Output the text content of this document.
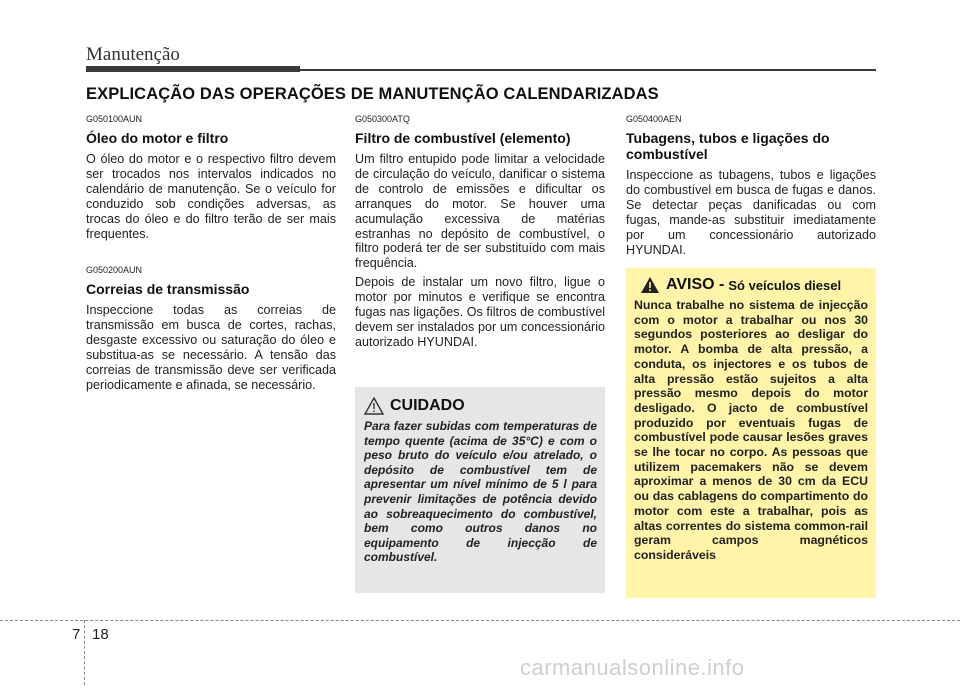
Manutenção
EXPLICAÇÃO DAS OPERAÇÕES DE MANUTENÇÃO CALENDARIZADAS
G050100AUN
Óleo do motor e filtro

O óleo do motor e o respectivo filtro devem ser trocados nos intervalos indicados no calendário de manutenção. Se o veículo for conduzido sob condições adversas, as trocas do óleo e do filtro terão de ser mais frequentes.

G050200AUN
Correias de transmissão

Inspeccione todas as correias de transmissão em busca de cortes, rachas, desgaste excessivo ou saturação do óleo e substitua-as se necessário. A tensão das correias de transmissão deve ser verificada periodicamente e afinada, se necessário.

G050300ATQ
Filtro de combustível (elemento)

Um filtro entupido pode limitar a velocidade de circulação do veículo, danificar o sistema de controlo de emissões e dificultar os arranques do motor. Se houver uma acumulação excessiva de matérias estranhas no depósito de combustível, o filtro poderá ter de ser substituído com mais frequência.

Depois de instalar um novo filtro, ligue o motor por minutos e verifique se encontra fugas nas ligações. Os filtros de combustível devem ser instalados por um concessionário autorizado HYUNDAI.

CUIDADO
Para fazer subidas com temperaturas de tempo quente (acima de 35°C) e com o peso bruto do veículo e/ou atrelado, o depósito de combustível tem de apresentar um nível mínimo de 5 l para prevenir limitações de potência devido ao sobreaquecimento do combustível, bem como outros danos no equipamento de injecção de combustível.
G050400AEN
Tubagens, tubos e ligações do combustível

Inspeccione as tubagens, tubos e ligações do combustível em busca de fugas e danos. Se detectar peças danificadas ou com fugas, mande-as substituir imediatamente por um concessionário autorizado HYUNDAI.

AVISO - Só veículos diesel
Nunca trabalhe no sistema de injecção com o motor a trabalhar ou nos 30 segundos posteriores ao desligar do motor. A bomba de alta pressão, a conduta, os injectores e os tubos de alta pressão estão sujeitos a alta pressão mesmo depois do motor desligado. O jacto de combustível produzido por eventuais fugas de combustível pode causar lesões graves se lhe tocar no corpo. As pessoas que utilizem pacemakers não se devem aproximar a menos de 30 cm da ECU ou das cablagens do compartimento do motor com este a trabalhar, pois as altas correntes do sistema common-rail geram campos magnéticos consideráveis
7 18
carmanualsonline.info
